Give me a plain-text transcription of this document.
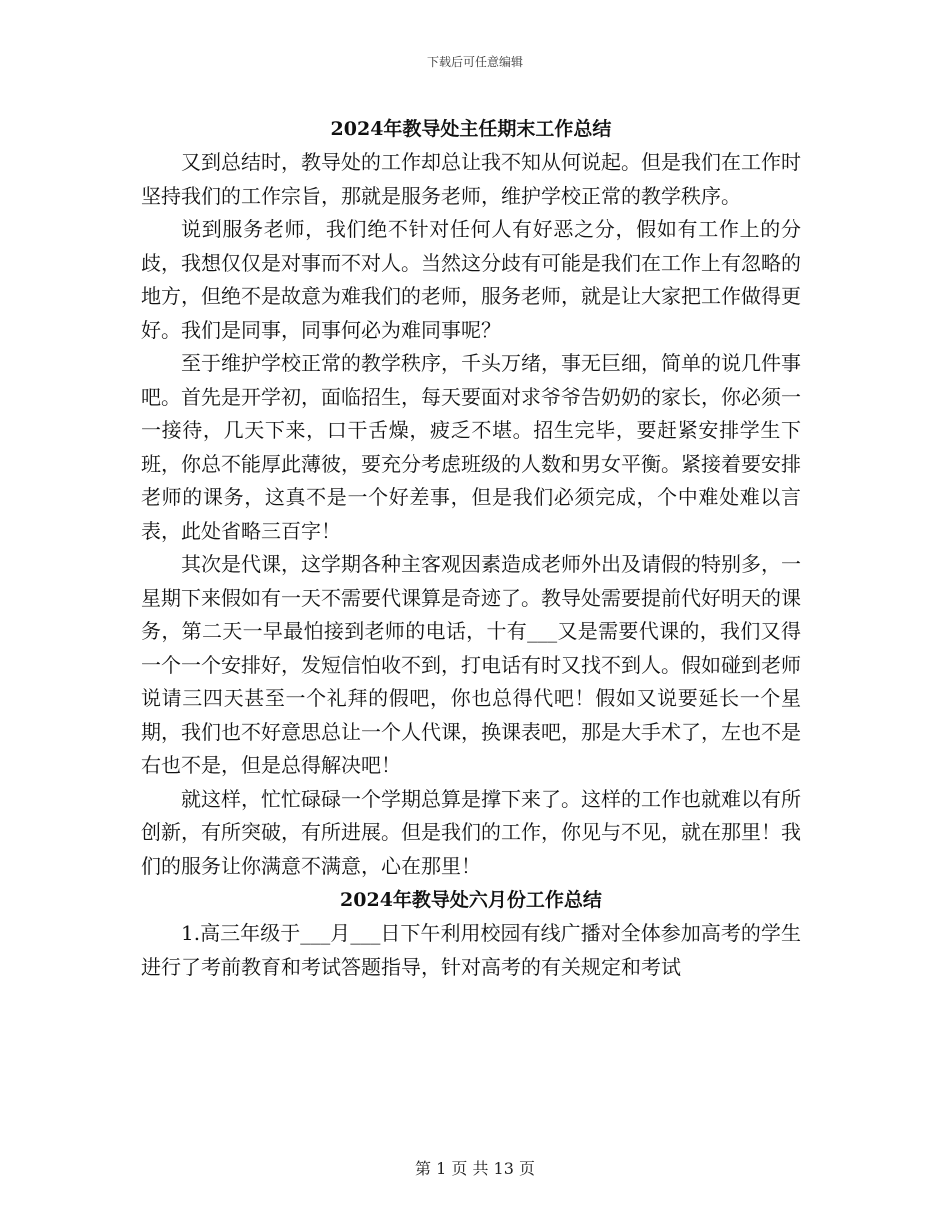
下载后可任意编辑
2024年教导处主任期末工作总结

又到总结时，教导处的工作却总让我不知从何说起。但是我们在工作时坚持我们的工作宗旨，那就是服务老师，维护学校正常的教学秩序。

说到服务老师，我们绝不针对任何人有好恶之分，假如有工作上的分歧，我想仅仅是对事而不对人。当然这分歧有可能是我们在工作上有忽略的地方，但绝不是故意为难我们的老师，服务老师，就是让大家把工作做得更好。我们是同事，同事何必为难同事呢？

至于维护学校正常的教学秩序，千头万绪，事无巨细，简单的说几件事吧。首先是开学初，面临招生，每天要面对求爷爷告奶奶的家长，你必须一一接待，几天下来，口干舌燥，疲乏不堪。招生完毕，要赶紧安排学生下班，你总不能厚此薄彼，要充分考虑班级的人数和男女平衡。紧接着要安排老师的课务，这真不是一个好差事，但是我们必须完成，个中难处难以言表，此处省略三百字！

其次是代课，这学期各种主客观因素造成老师外出及请假的特别多，一星期下来假如有一天不需要代课算是奇迹了。教导处需要提前代好明天的课务，第二天一早最怕接到老师的电话，十有___又是需要代课的，我们又得一个一个安排好，发短信怕收不到，打电话有时又找不到人。假如碰到老师说请三四天甚至一个礼拜的假吧，你也总得代吧！假如又说要延长一个星期，我们也不好意思总让一个人代课，换课表吧，那是大手术了，左也不是右也不是，但是总得解决吧！

就这样，忙忙碌碌一个学期总算是撑下来了。这样的工作也就难以有所创新，有所突破，有所进展。但是我们的工作，你见与不见，就在那里！我们的服务让你满意不满意，心在那里！

2024年教导处六月份工作总结

1.高三年级于___月___日下午利用校园有线广播对全体参加高考的学生进行了考前教育和考试答题指导，针对高考的有关规定和考试

第 1 页 共 13 页
